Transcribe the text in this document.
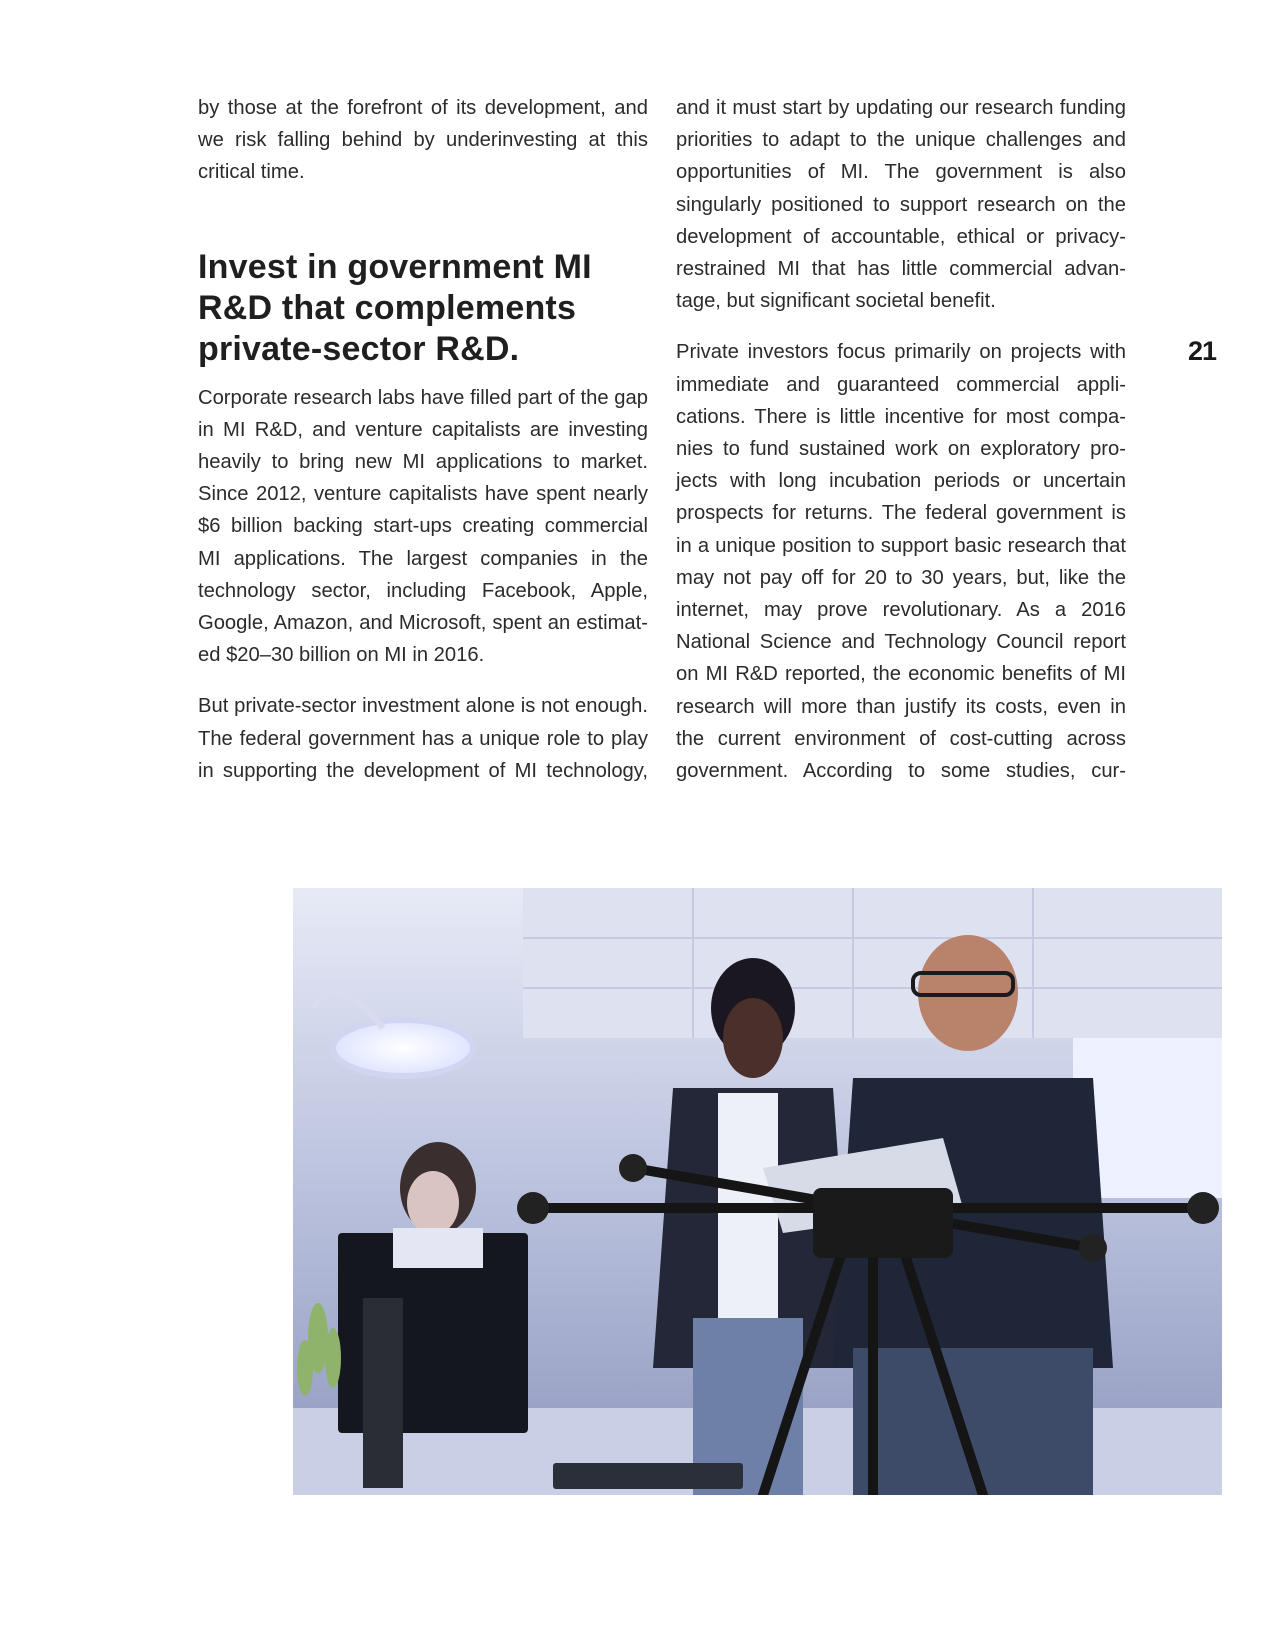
by those at the forefront of its development, and we risk falling behind by underinvesting at this critical time.

Invest in government MI R&D that complements private-sector R&D.

Corporate research labs have filled part of the gap in MI R&D, and venture capitalists are investing heavily to bring new MI applications to market. Since 2012, venture capitalists have spent nearly $6 billion backing start-ups creating commercial MI applications. The largest companies in the technology sector, including Facebook, Apple, Google, Amazon, and Microsoft, spent an estimated $20–30 billion on MI in 2016.

But private-sector investment alone is not enough. The federal government has a unique role to play in supporting the development of MI technology,

and it must start by updating our research funding priorities to adapt to the unique challenges and opportunities of MI. The government is also singularly positioned to support research on the development of accountable, ethical or privacy-restrained MI that has little commercial advantage, but significant societal benefit.

Private investors focus primarily on projects with immediate and guaranteed commercial applications. There is little incentive for most companies to fund sustained work on exploratory projects with long incubation periods or uncertain prospects for returns. The federal government is in a unique position to support basic research that may not pay off for 20 to 30 years, but, like the internet, may prove revolutionary. As a 2016 National Science and Technology Council report on MI R&D reported, the economic benefits of MI research will more than justify its costs, even in the current environment of cost-cutting across government. According to some studies, cur-

21
